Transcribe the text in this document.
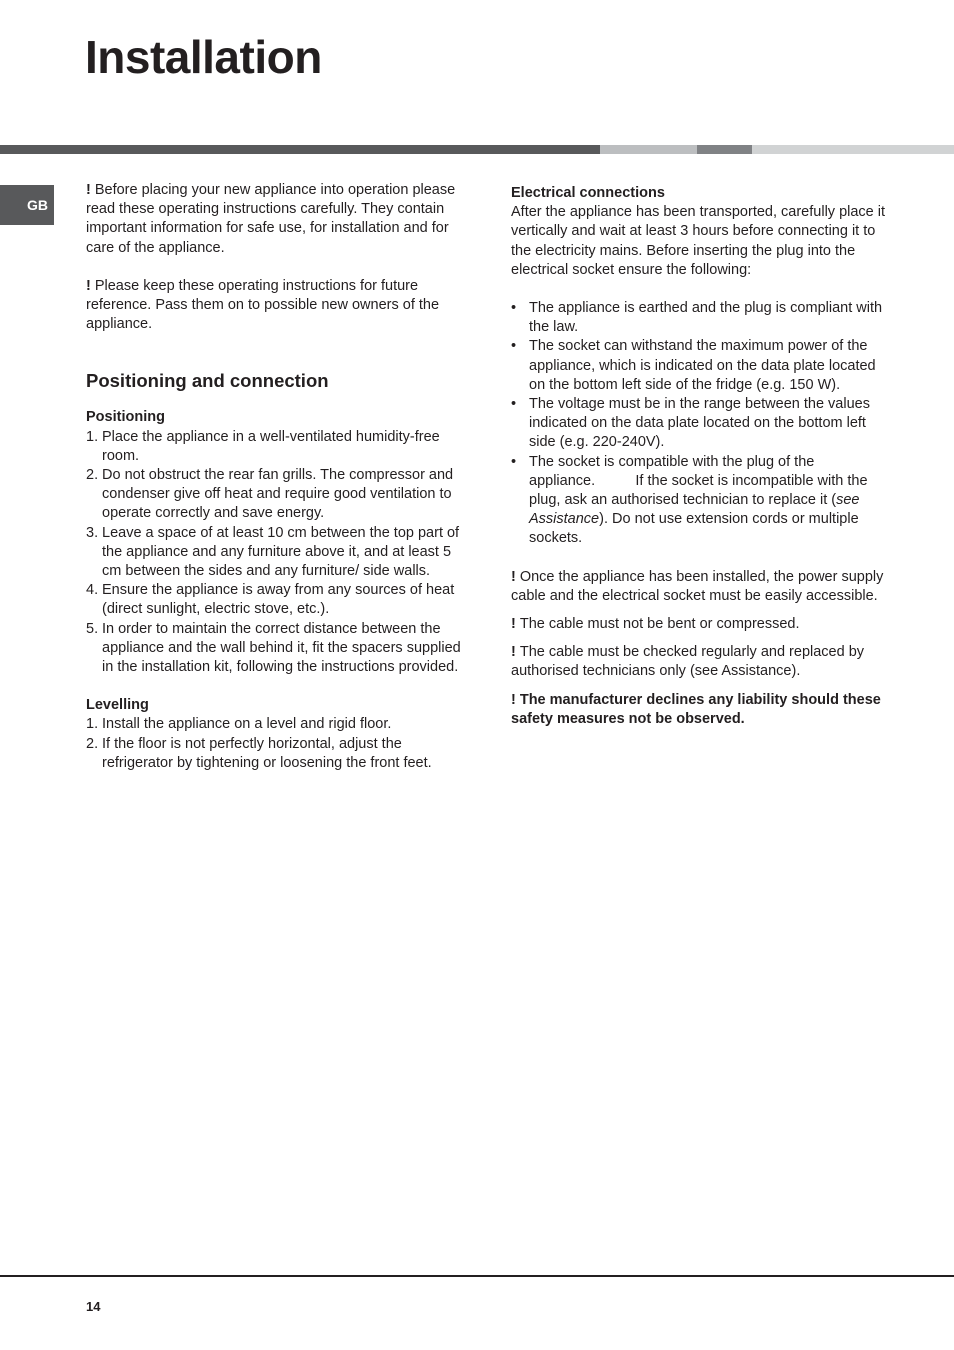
Installation
GB

! Before placing your new appliance into operation please read these operating instructions carefully. They contain important information for safe use, for installation and for care of the appliance.

! Please keep these operating instructions for future reference. Pass them on to possible new owners of the appliance.

Positioning and connection
Positioning
1. Place the appliance in a well-ventilated humidity-free room.
2. Do not obstruct the rear fan grills. The compressor and condenser give off heat and require good ventilation to operate correctly and save energy.
3. Leave a space of at least 10 cm between the top part of the appliance and any furniture above it, and at least 5 cm between the sides and any furniture/ side walls.
4. Ensure the appliance is away from any sources of heat (direct sunlight, electric stove, etc.).
5. In order to maintain the correct distance between the appliance and the wall behind it, fit the spacers supplied in the installation kit, following the instructions provided.
Levelling
1. Install the appliance on a level and rigid floor.
2. If the floor is not perfectly horizontal, adjust the refrigerator by tightening or loosening the front feet.
Electrical connections

After the appliance has been transported, carefully place it vertically and wait at least 3 hours before connecting it to the electricity mains. Before inserting the plug into the electrical socket ensure the following:

• The appliance is earthed and the plug is compliant with the law.
• The socket can withstand the maximum power of the appliance, which is indicated on the data plate located on the bottom left side of the fridge (e.g. 150 W).
• The voltage must be in the range between the values indicated on the data plate located on the bottom left side (e.g. 220-240V).
• The socket is compatible with the plug of the appliance.	If the socket is incompatible with the plug, ask an authorised technician to replace it (see Assistance). Do not use extension cords or multiple sockets.

! Once the appliance has been installed, the power supply cable and the electrical socket must be easily accessible.

! The cable must not be bent or compressed.

! The cable must be checked regularly and replaced by authorised technicians only (see Assistance).

! The manufacturer declines any liability should these safety measures not be observed.

14
